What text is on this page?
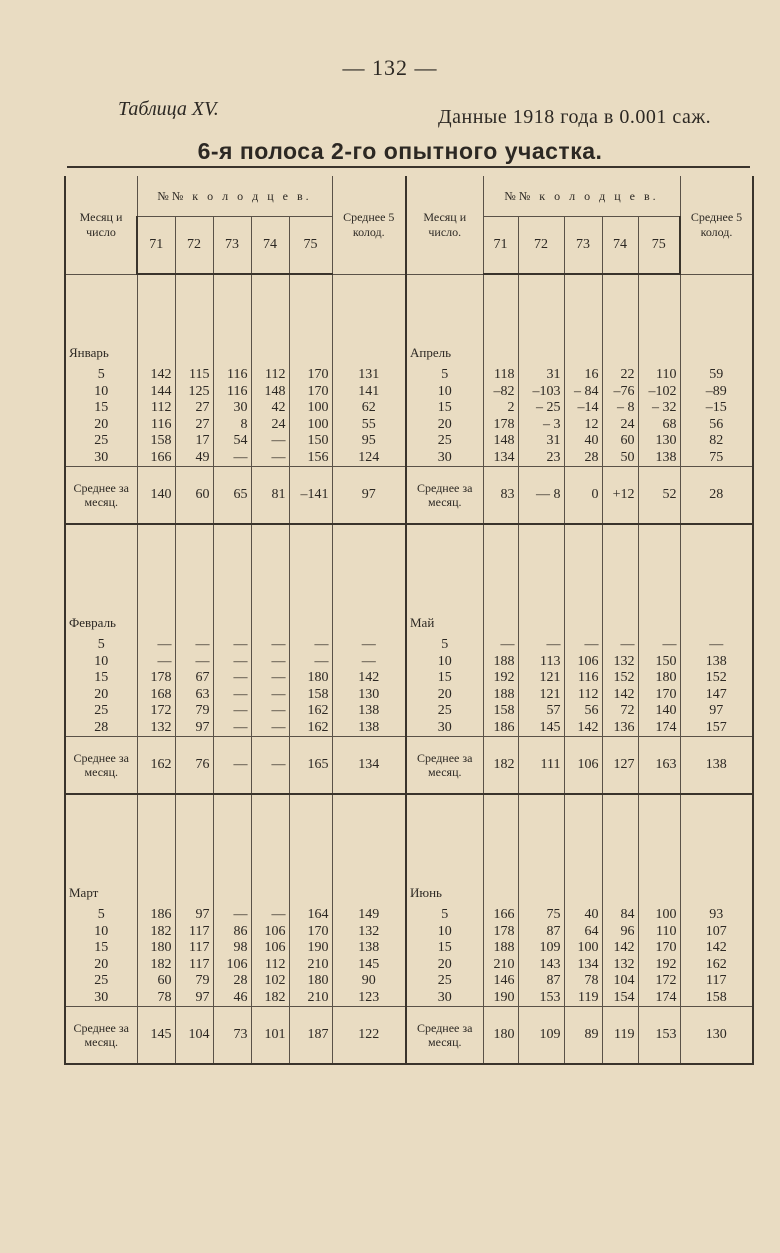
— 132 —
Таблица XV.	Данные 1918 года в 0.001 саж.
6-я полоса 2-го опытного участка.
Месяц и число	№№ к о л о д ц е в.					Среднее 5 колод.	Месяц и число.	№№ к о л о д ц е в.					Среднее 5 колод.
	71	72	73	74	75			71	72	73	74	75	
Январь							Апрель						
5	142	115	116	112	170	131	5	118	31	16	22	110	59
10	144	125	116	148	170	141	10	–82	–103	– 84	–76	–102	–89
15	112	27	30	42	100	62	15	2	– 25	–14	– 8	– 32	–15
20	116	27	8	24	100	55	20	178	– 3	12	24	68	56
25	158	17	54	—	150	95	25	148	31	40	60	130	82
30	166	49	—	—	156	124	30	134	23	28	50	138	75
Среднее за месяц.	140	60	65	81	–141	97	Среднее за месяц.	83	— 8	0	+12	52	28

Февраль							Май						
5	—	—	—	—	—	—	5	—	—	—	—	—	—
10	—	—	—	—	—	—	10	188	113	106	132	150	138
15	178	67	—	—	180	142	15	192	121	116	152	180	152
20	168	63	—	—	158	130	20	188	121	112	142	170	147
25	172	79	—	—	162	138	25	158	57	56	72	140	97
28	132	97	—	—	162	138	30	186	145	142	136	174	157
Среднее за месяц.	162	76	—	—	165	134	Среднее за месяц.	182	111	106	127	163	138

Март							Июнь						
5	186	97	—	—	164	149	5	166	75	40	84	100	93
10	182	117	86	106	170	132	10	178	87	64	96	110	107
15	180	117	98	106	190	138	15	188	109	100	142	170	142
20	182	117	106	112	210	145	20	210	143	134	132	192	162
25	60	79	28	102	180	90	25	146	87	78	104	172	117
30	78	97	46	182	210	123	30	190	153	119	154	174	158
Среднее за месяц.	145	104	73	101	187	122	Среднее за месяц.	180	109	89	119	153	130
